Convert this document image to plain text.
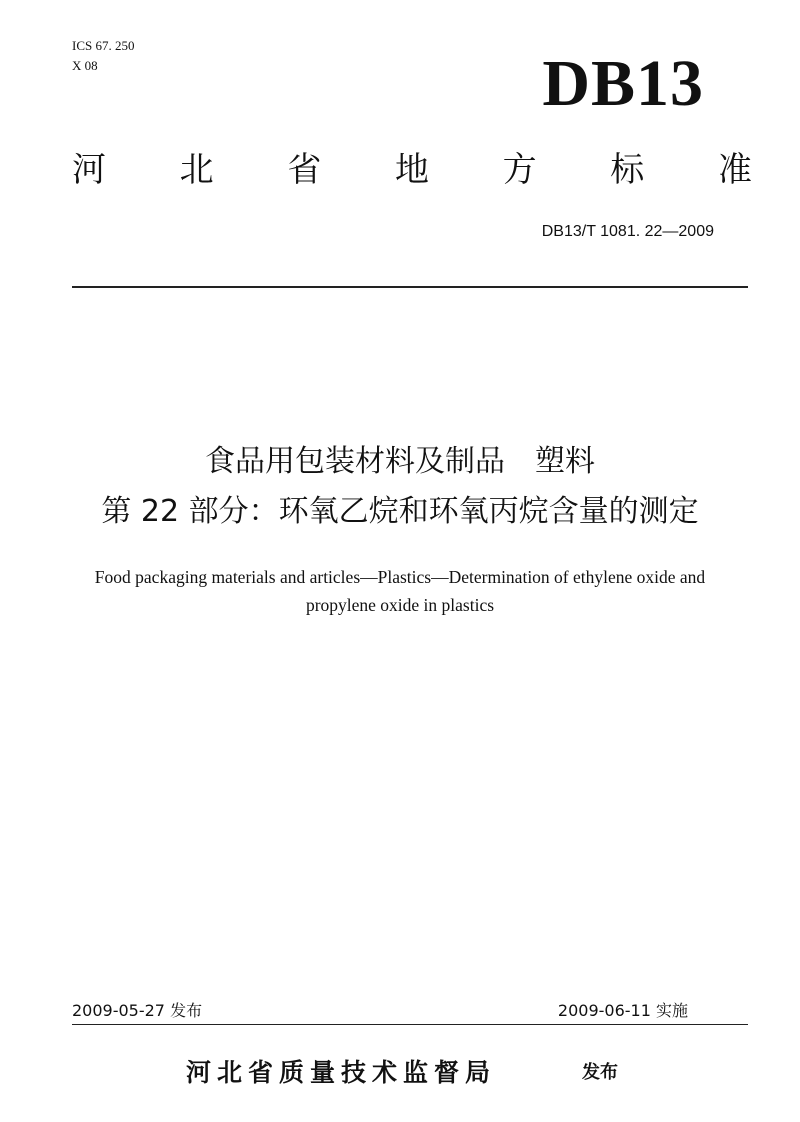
ICS 67. 250
X 08	DB13
河 北 省 地 方 标 准
DB13/T 1081. 22—2009
食品用包装材料及制品　塑料
第 22 部分：环氧乙烷和环氧丙烷含量的测定
Food packaging materials and articles—Plastics—Determination of ethylene oxide and
propylene oxide in plastics
2009-05-27 发布	2009-06-11 实施
河北省质量技术监督局	发布
